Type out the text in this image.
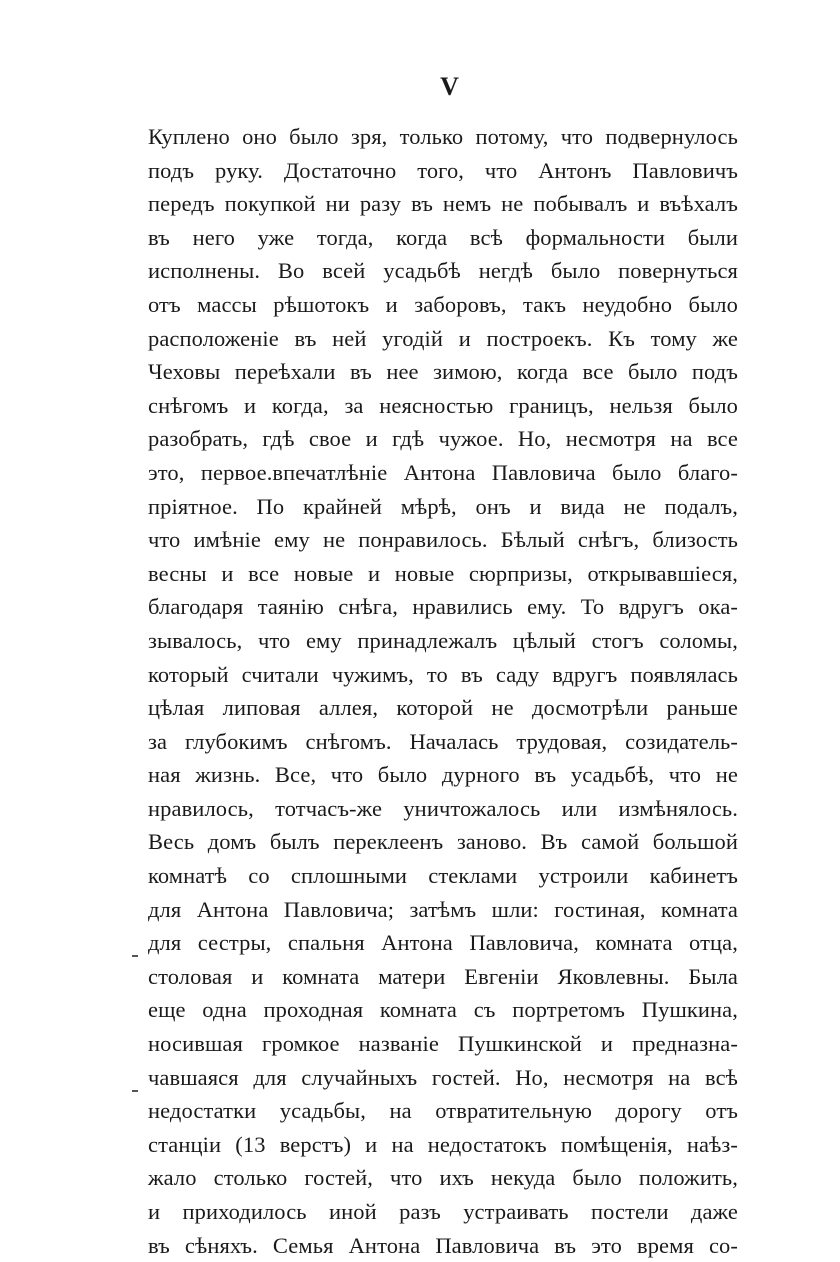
V
Куплено оно было зря, только потому, что подвернулось
подъ руку. Достаточно того, что Антонъ Павловичъ
передъ покупкой ни разу въ немъ не побывалъ и въѣхалъ
въ него уже тогда, когда всѣ формальности были
исполнены. Во всей усадьбѣ негдѣ было повернуться
отъ массы рѣшотокъ и заборовъ, такъ неудобно было
расположеніе въ ней угодій и построекъ. Къ тому же
Чеховы переѣхали въ нее зимою, когда все было подъ
снѣгомъ и когда, за неясностью границъ, нельзя было
разобрать, гдѣ свое и гдѣ чужое. Но, несмотря на все
это, первое.впечатлѣніе Антона Павловича было благо-
пріятное. По крайней мѣрѣ, онъ и вида не подалъ,
что имѣніе ему не понравилось. Бѣлый снѣгъ, близость
весны и все новые и новые сюрпризы, открывавшіеся,
благодаря таянію снѣга, нравились ему. То вдругъ ока-
зывалось, что ему принадлежалъ цѣлый стогъ соломы,
который считали чужимъ, то въ саду вдругъ появлялась
цѣлая липовая аллея, которой не досмотрѣли раньше
за глубокимъ снѣгомъ. Началась трудовая, созидатель-
ная жизнь. Все, что было дурного въ усадьбѣ, что не
нравилось, тотчасъ-же уничтожалось или измѣнялось.
Весь домъ былъ переклеенъ заново. Въ самой большой
комнатѣ со сплошными стеклами устроили кабинетъ
для Антона Павловича; затѣмъ шли: гостиная, комната
для сестры, спальня Антона Павловича, комната отца,
столовая и комната матери Евгеніи Яковлевны. Была
еще одна проходная комната съ портретомъ Пушкина,
носившая громкое названіе Пушкинской и предназна-
чавшаяся для случайныхъ гостей. Но, несмотря на всѣ
недостатки усадьбы, на отвратительную дорогу отъ
станціи (13 верстъ) и на недостатокъ помѣщенія, наѣз-
жало столько гостей, что ихъ некуда было положить,
и приходилось иной разъ устраивать постели даже
въ сѣняхъ. Семья Антона Павловича въ это время со-
